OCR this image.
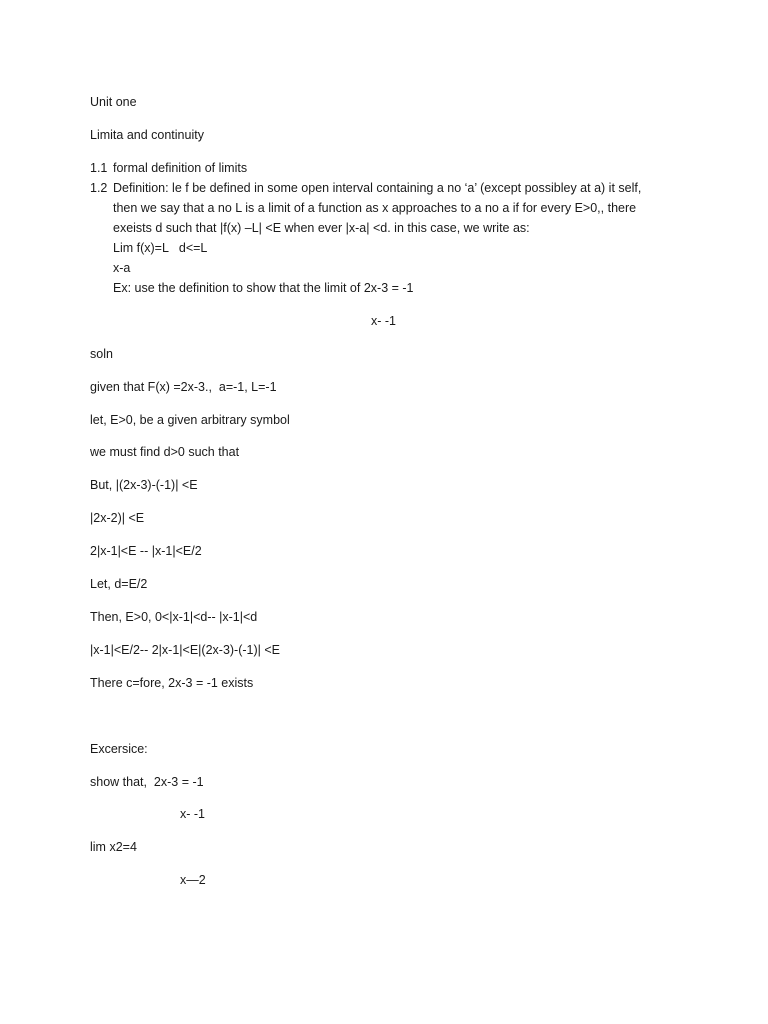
Unit one
Limita and continuity
1.1 formal definition of limits
1.2 Definition: le f be defined in some open interval containing a no ‘a’ (except possibley at a) it self,
then we say that a no L is a limit of a function as x approaches to a no a if for every E>0,, there
exeists d such that |f(x) –L| <E when ever |x-a| <d. in this case, we write as:
Lim f(x)=L   d<=L
x-a
Ex: use the definition to show that the limit of 2x-3 = -1
x- -1
soln
given that F(x) =2x-3.,  a=-1, L=-1
let, E>0, be a given arbitrary symbol
we must find d>0 such that
But, |(2x-3)-(-1)| <E
|2x-2)| <E
2|x-1|<E -- |x-1|<E/2
Let, d=E/2
Then, E>0, 0<|x-1|<d-- |x-1|<d
|x-1|<E/2-- 2|x-1|<E|(2x-3)-(-1)| <E
There c=fore, 2x-3 = -1 exists
Excersice:
show that,  2x-3 = -1
x- -1
lim x2=4
x—2
